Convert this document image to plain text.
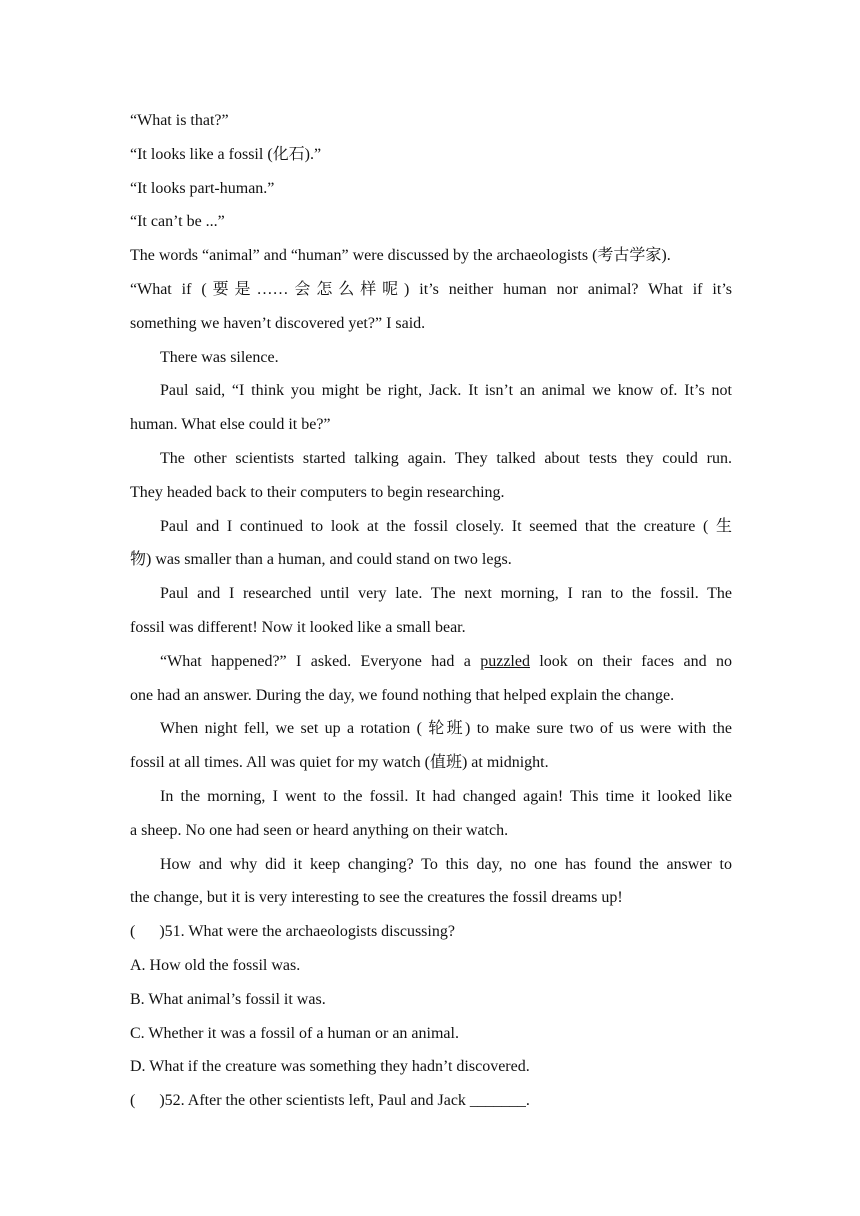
“What is that?”
“It looks like a fossil (化石).”
“It looks part-human.”
“It can’t be ...”
The words “animal” and “human” were discussed by the archaeologists (考古学家).
“What if (要是……会怎么样呢) it’s neither human nor animal? What if it’s
something we haven’t discovered yet?” I said.
There was silence.
Paul said, “I think you might be right, Jack. It isn’t an animal we know of. It’s not
human. What else could it be?”
The other scientists started talking again. They talked about tests they could run.
They headed back to their computers to begin researching.
Paul and I continued to look at the fossil closely. It seemed that the creature ( 生
物) was smaller than a human, and could stand on two legs.
Paul and I researched until very late. The next morning, I ran to the fossil. The
fossil was different! Now it looked like a small bear.
“What happened?” I asked. Everyone had a puzzled look on their faces and no
one had an answer. During the day, we found nothing that helped explain the change.
When night fell, we set up a rotation ( 轮班) to make sure two of us were with the
fossil at all times. All was quiet for my watch (值班) at midnight.
In the morning, I went to the fossil. It had changed again! This time it looked like
a sheep. No one had seen or heard anything on their watch.
How and why did it keep changing? To this day, no one has found the answer to
the change, but it is very interesting to see the creatures the fossil dreams up!
(      )51. What were the archaeologists discussing?
A. How old the fossil was.
B. What animal’s fossil it was.
C. Whether it was a fossil of a human or an animal.
D. What if the creature was something they hadn’t discovered.
(      )52. After the other scientists left, Paul and Jack _______.
